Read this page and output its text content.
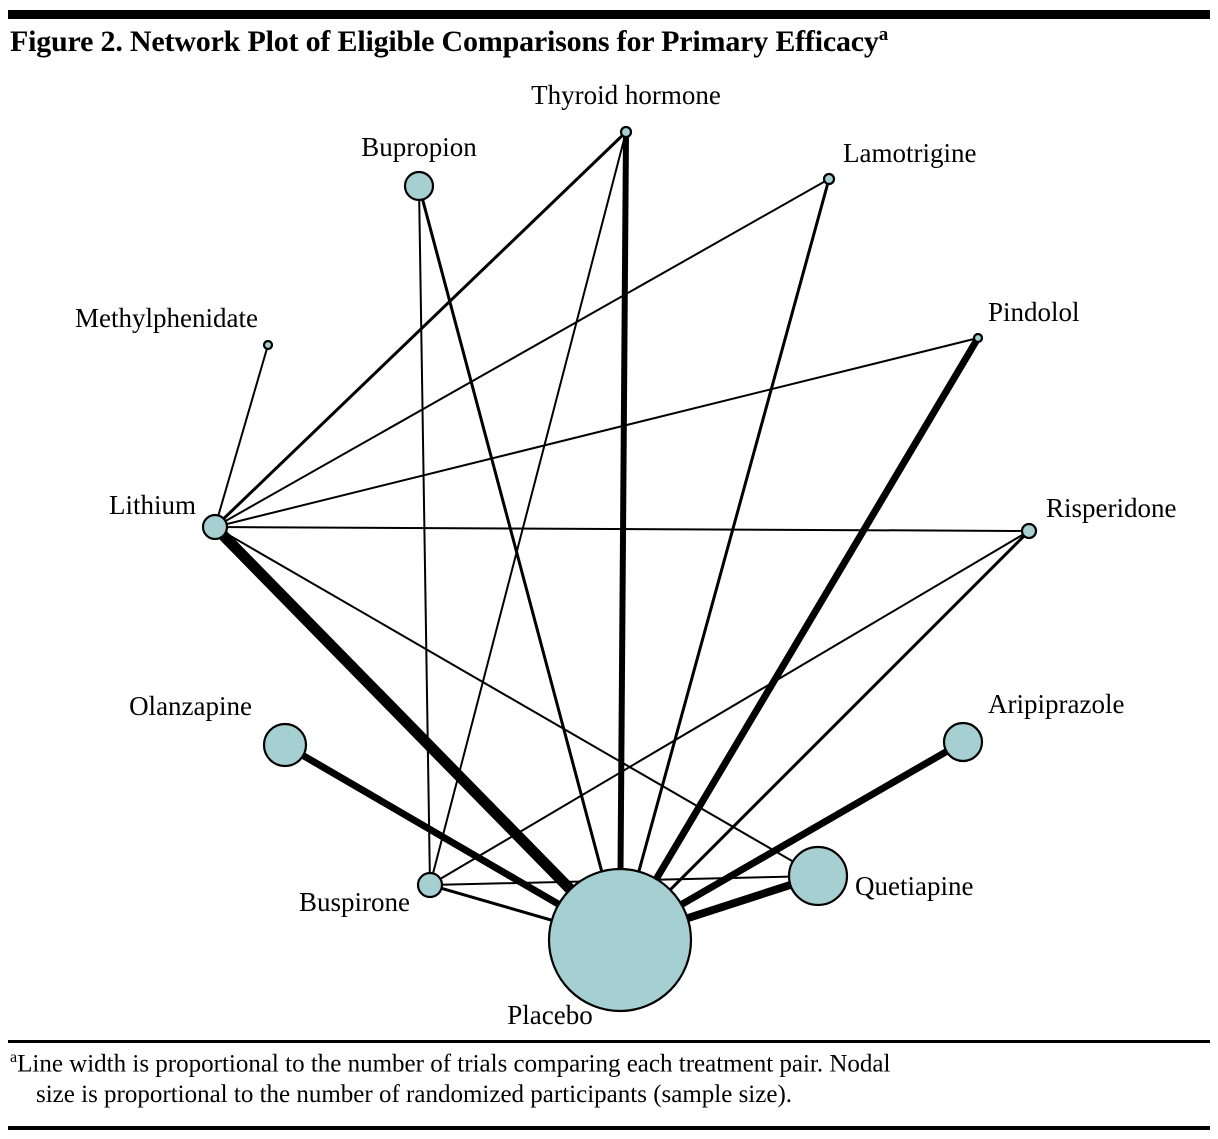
Figure 2. Network Plot of Eligible Comparisons for Primary Efficacy$^a$
Thyroid hormone
Bupropion	Lamotrigine
Methylphenidate	Pindolol
Lithium	Risperidone
Olanzapine	Aripiprazole
Buspirone
Quetiapine
Placebo
$^a$Line width is proportional to the number of trials comparing each treatment pair. Nodal
size is proportional to the number of randomized participants (sample size).
